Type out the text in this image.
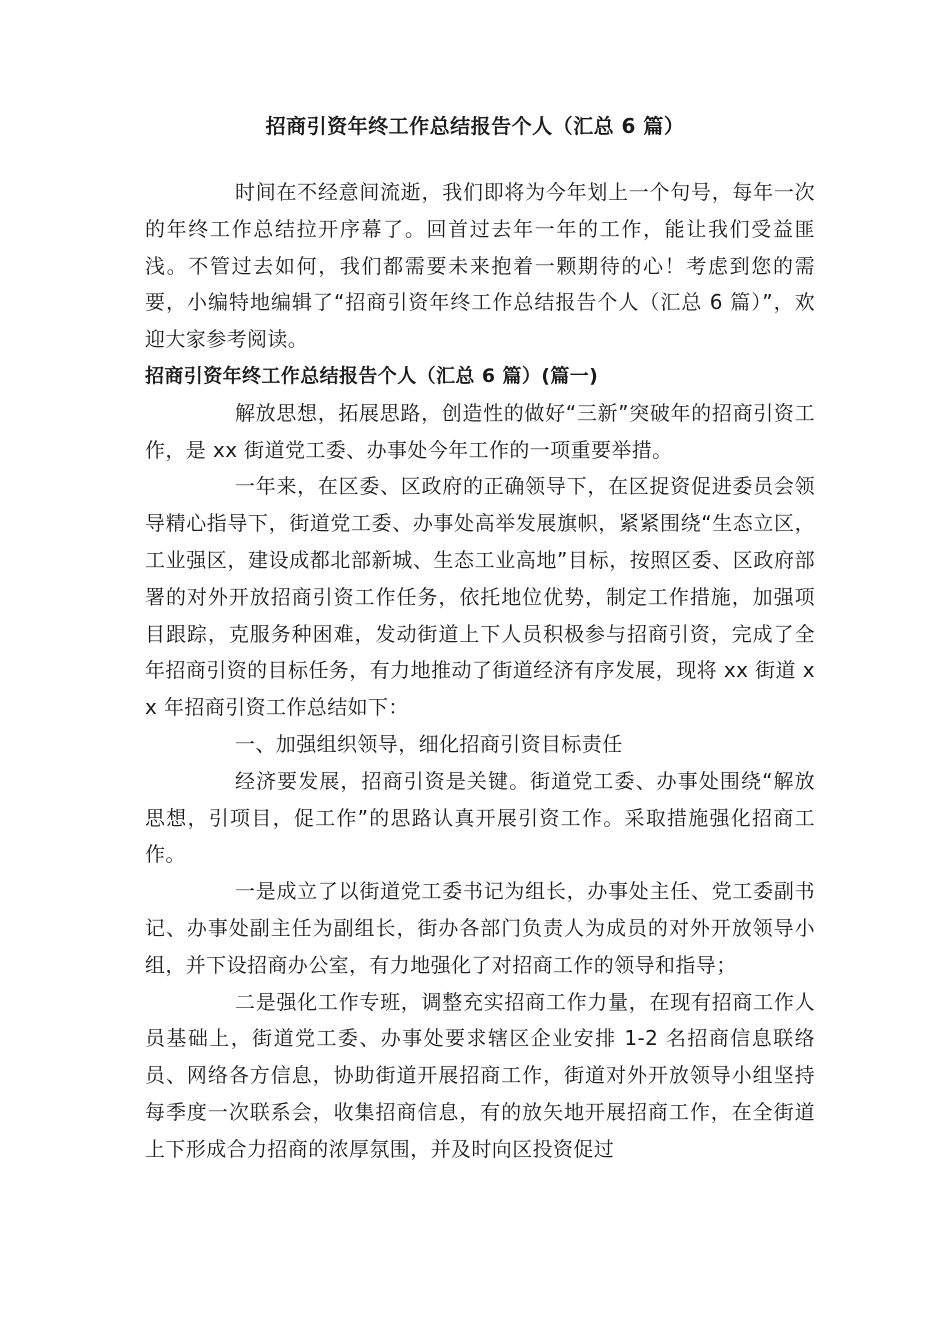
招商引资年终工作总结报告个人（汇总 6 篇）

时间在不经意间流逝，我们即将为今年划上一个句号，每年一次的年终工作总结拉开序幕了。回首过去年一年的工作，能让我们受益匪浅。不管过去如何，我们都需要未来抱着一颗期待的心！考虑到您的需要，小编特地编辑了“招商引资年终工作总结报告个人（汇总 6 篇）”，欢迎大家参考阅读。

招商引资年终工作总结报告个人（汇总 6 篇）(篇一)

解放思想，拓展思路，创造性的做好“三新”突破年的招商引资工作，是 xx 街道党工委、办事处今年工作的一项重要举措。

一年来，在区委、区政府的正确领导下，在区捉资促进委员会领导精心指导下，街道党工委、办事处高举发展旗帜，紧紧围绕“生态立区，工业强区，建设成都北部新城、生态工业高地”目标，按照区委、区政府部署的对外开放招商引资工作任务，依托地位优势，制定工作措施，加强项目跟踪，克服务种困难，发动街道上下人员积极参与招商引资，完成了全年招商引资的目标任务，有力地推动了街道经济有序发展，现将 xx 街道 xx 年招商引资工作总结如下：

一、加强组织领导，细化招商引资目标责任

经济要发展，招商引资是关键。街道党工委、办事处围绕“解放思想，引项目，促工作”的思路认真开展引资工作。采取措施强化招商工作。

一是成立了以街道党工委书记为组长，办事处主任、党工委副书记、办事处副主任为副组长，街办各部门负责人为成员的对外开放领导小组，并下设招商办公室，有力地强化了对招商工作的领导和指导；

二是强化工作专班，调整充实招商工作力量，在现有招商工作人员基础上，街道党工委、办事处要求辖区企业安排 1-2 名招商信息联络员、网络各方信息，协助街道开展招商工作，街道对外开放领导小组坚持每季度一次联系会，收集招商信息，有的放矢地开展招商工作，在全街道上下形成合力招商的浓厚氛围，并及时向区投资促过
